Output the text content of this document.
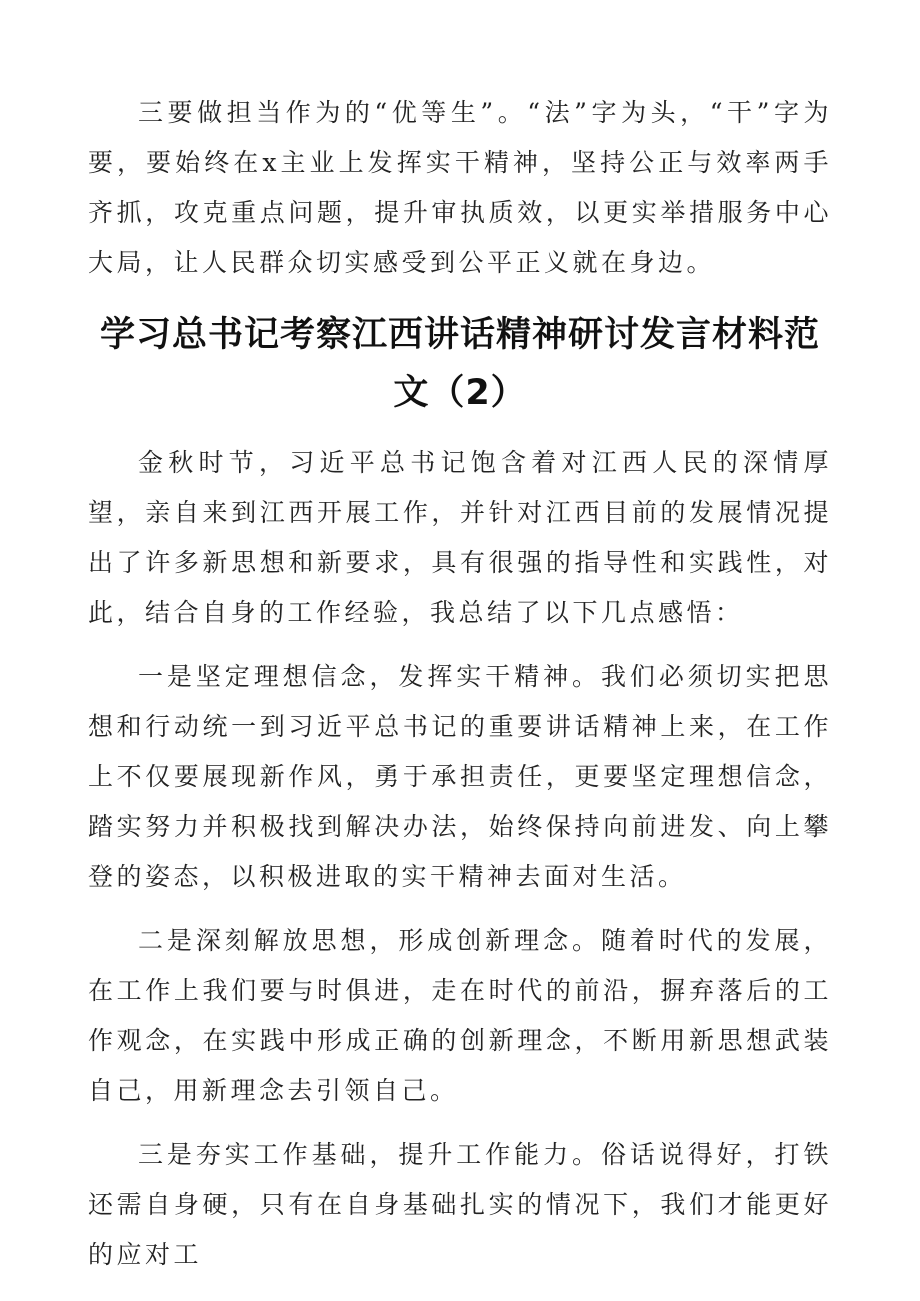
三要做担当作为的“优等生”。“法”字为头，“干”字为要，要始终在x主业上发挥实干精神，坚持公正与效率两手齐抓，攻克重点问题，提升审执质效，以更实举措服务中心大局，让人民群众切实感受到公平正义就在身边。

学习总书记考察江西讲话精神研讨发言材料范文（2）

金秋时节，习近平总书记饱含着对江西人民的深情厚望，亲自来到江西开展工作，并针对江西目前的发展情况提出了许多新思想和新要求，具有很强的指导性和实践性，对此，结合自身的工作经验，我总结了以下几点感悟：

一是坚定理想信念，发挥实干精神。我们必须切实把思想和行动统一到习近平总书记的重要讲话精神上来，在工作上不仅要展现新作风，勇于承担责任，更要坚定理想信念，踏实努力并积极找到解决办法，始终保持向前进发、向上攀登的姿态，以积极进取的实干精神去面对生活。

二是深刻解放思想，形成创新理念。随着时代的发展，在工作上我们要与时俱进，走在时代的前沿，摒弃落后的工作观念，在实践中形成正确的创新理念，不断用新思想武装自己，用新理念去引领自己。

三是夯实工作基础，提升工作能力。俗话说得好，打铁还需自身硬，只有在自身基础扎实的情况下，我们才能更好的应对工
